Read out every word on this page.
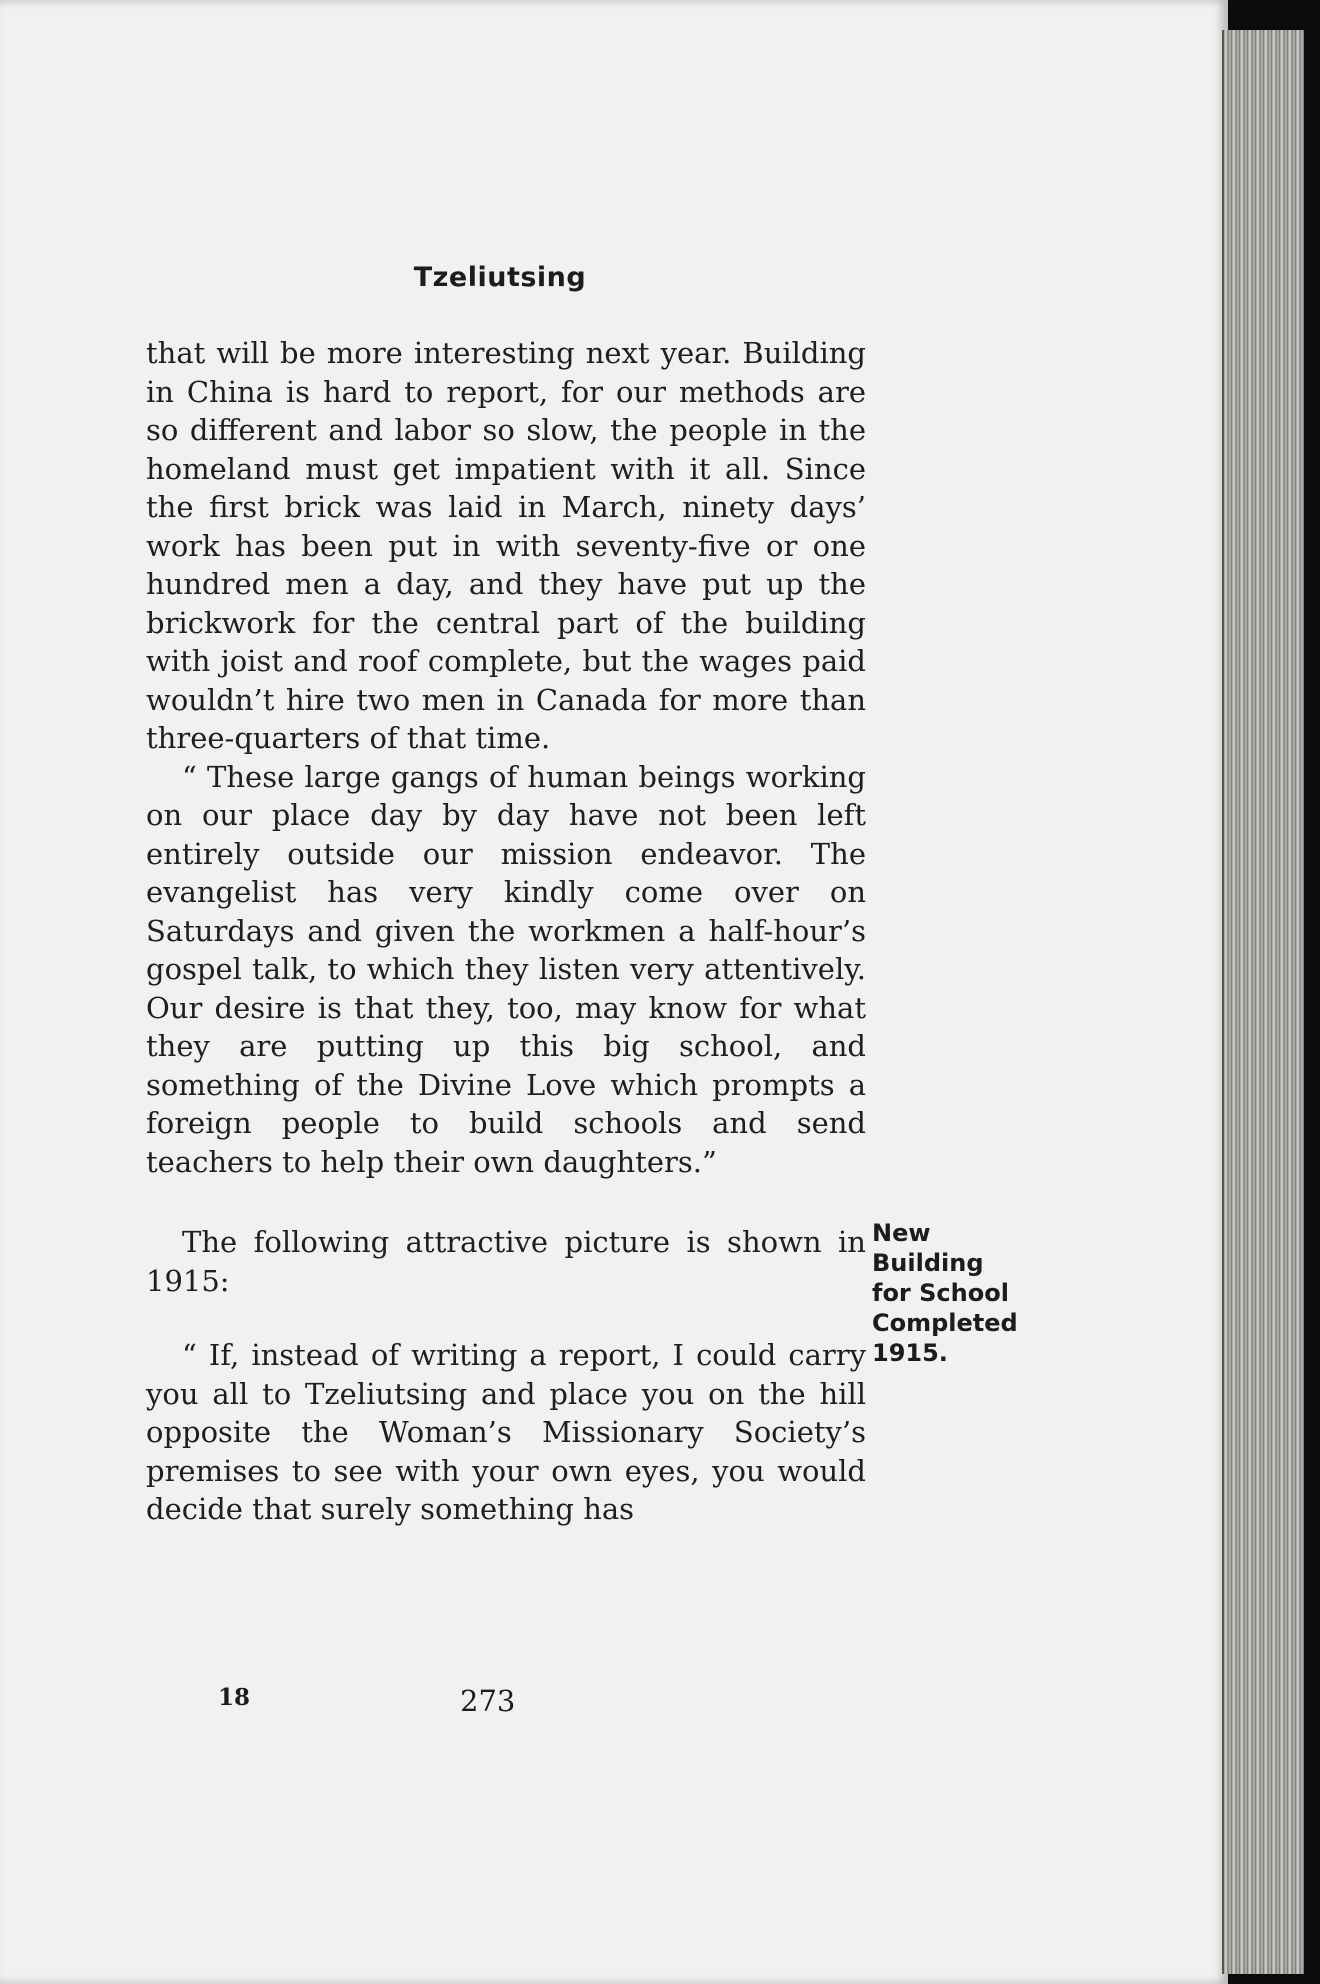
Tzeliutsing

that will be more interesting next year. Building in China is hard to report, for our methods are so different and labor so slow, the people in the homeland must get impatient with it all. Since the first brick was laid in March, ninety days’ work has been put in with seventy-five or one hundred men a day, and they have put up the brickwork for the central part of the building with joist and roof complete, but the wages paid wouldn’t hire two men in Canada for more than three-quarters of that time.

“ These large gangs of human beings working on our place day by day have not been left entirely outside our mission endeavor. The evangelist has very kindly come over on Saturdays and given the workmen a half-hour’s gospel talk, to which they listen very attentively. Our desire is that they, too, may know for what they are putting up this big school, and something of the Divine Love which prompts a foreign people to build schools and send teachers to help their own daughters.”

The following attractive picture is shown in 1915:

“ If, instead of writing a report, I could carry you all to Tzeliutsing and place you on the hill opposite the Woman’s Missionary Society’s premises to see with your own eyes, you would decide that surely something has

New
Building
for School
Completed
1915.
18	273
